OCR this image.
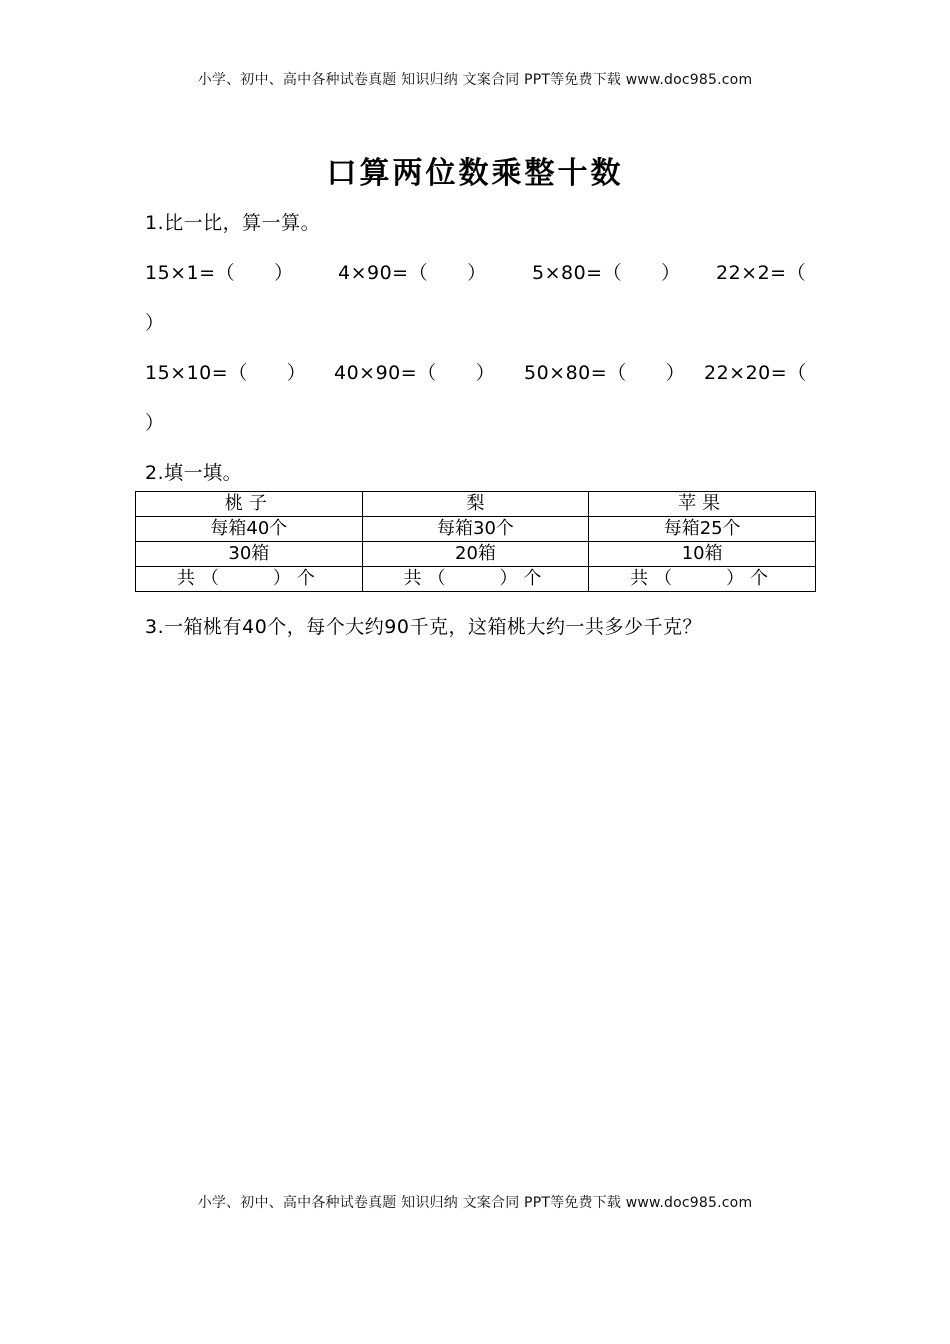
小学、初中、高中各种试卷真题 知识归纳 文案合同 PPT等免费下载 www.doc985.com
口算两位数乘整十数
1.比一比，算一算。
15×1=（　　） 4×90=（　　） 5×80=（　　） 22×2=（
）
15×10=（　　） 40×90=（　　） 50×80=（　　） 22×20=（
）
2.填一填。
桃子	梨	苹果
每箱40个	每箱30个	每箱25个
30箱	20箱	10箱
共（　　）个	共（　　）个	共（　　）个
3.一箱桃有40个，每个大约90千克，这箱桃大约一共多少千克？
小学、初中、高中各种试卷真题 知识归纳 文案合同 PPT等免费下载 www.doc985.com
